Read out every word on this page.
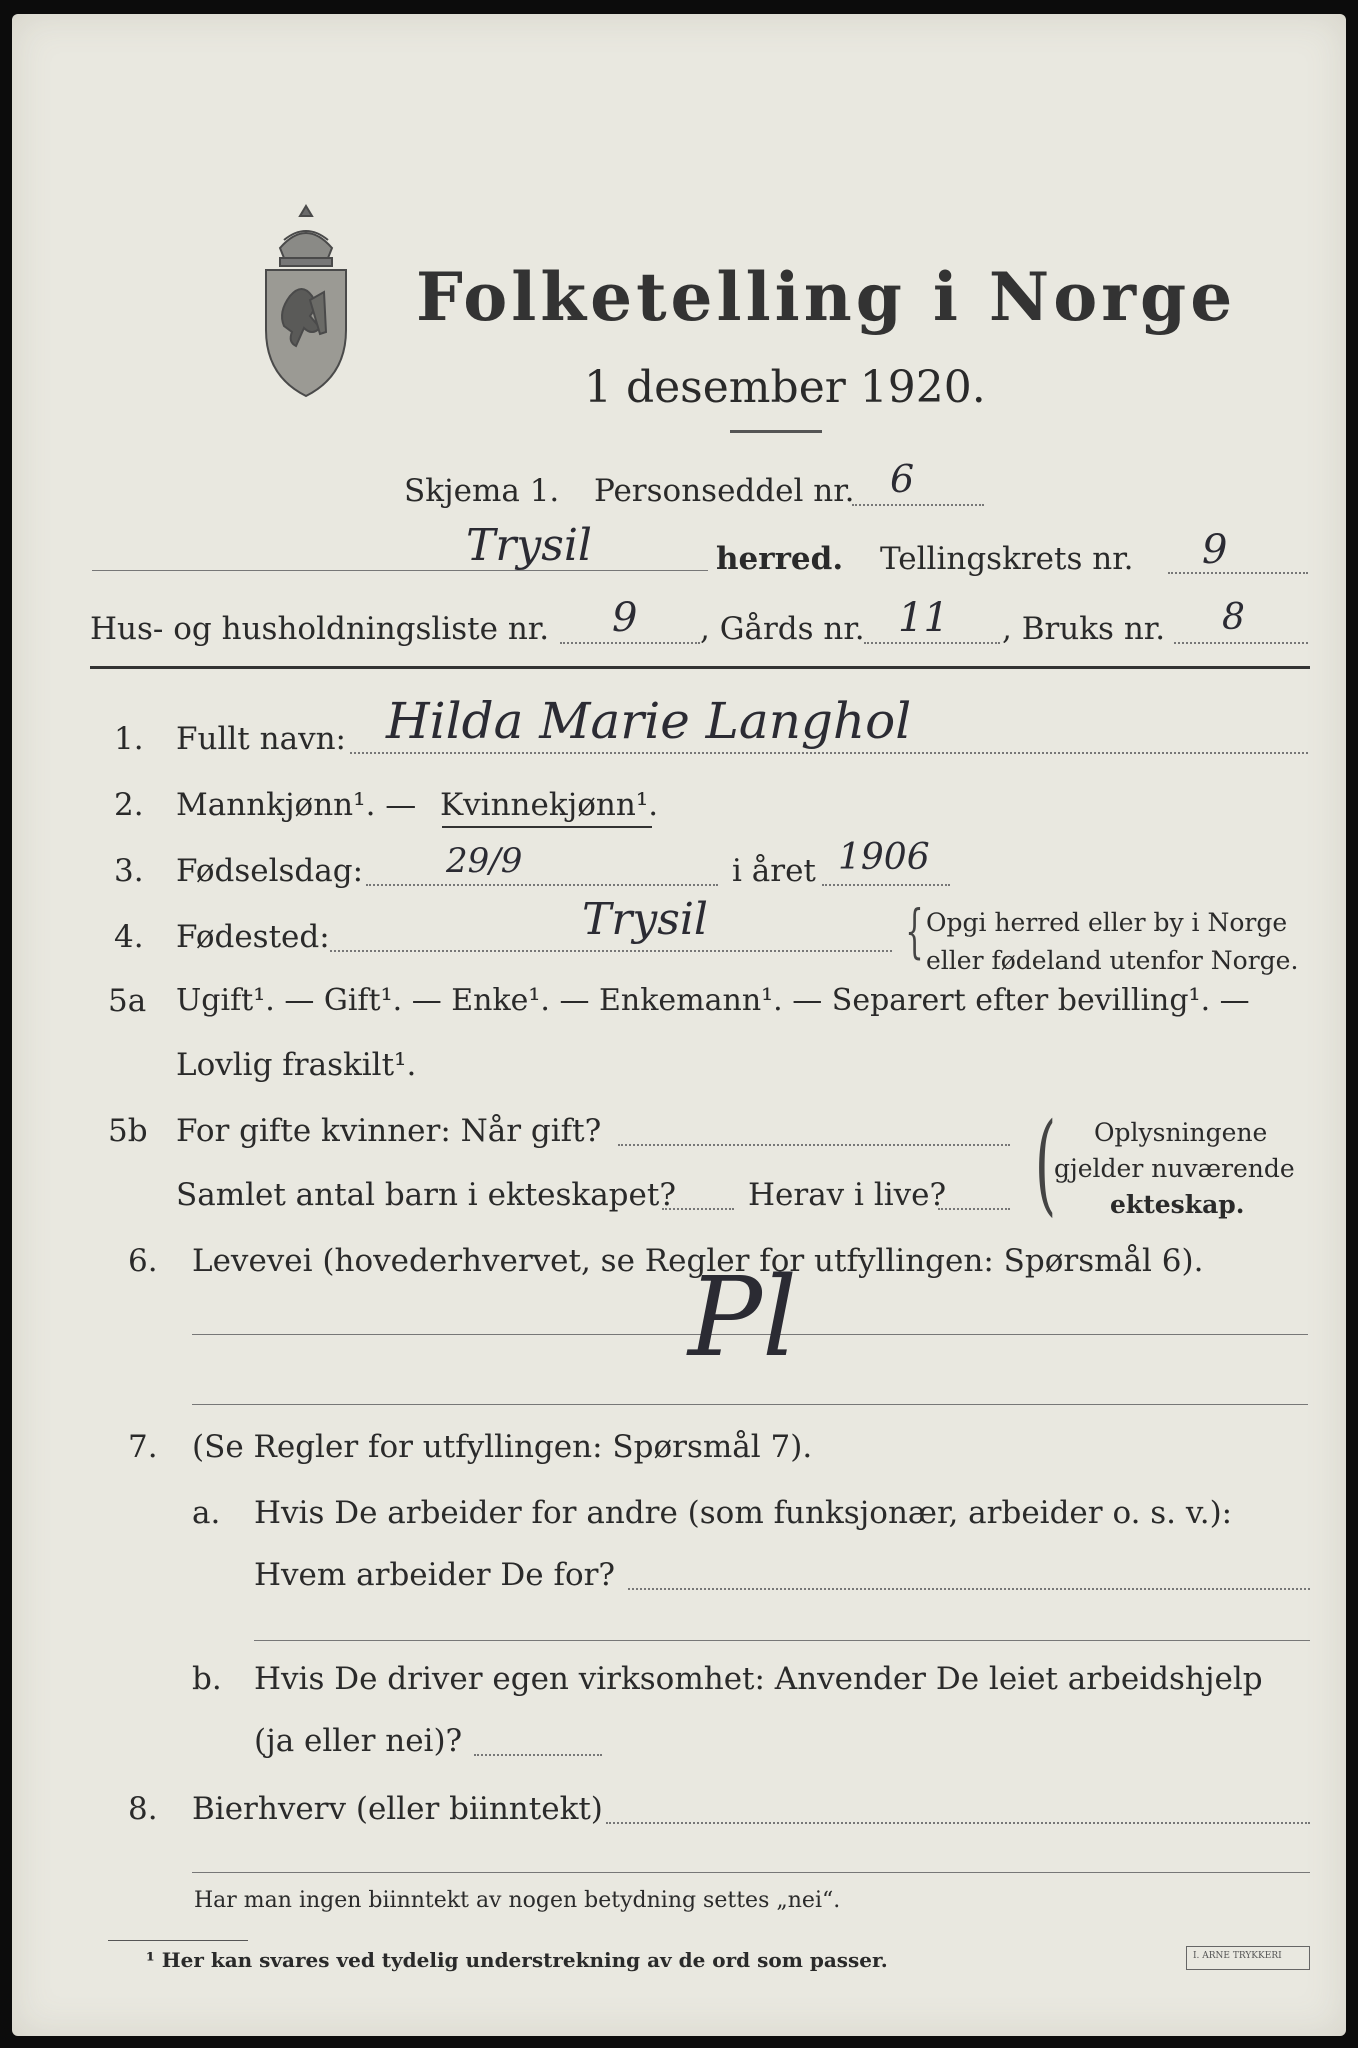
Folketelling i Norge
1 desember 1920.
Skjema 1. Personseddel nr. 6
Trysil	herred. Tellingskrets nr. 9
Hus- og husholdningsliste nr. 9 , Gårds nr. 11 , Bruks nr. 8
1. Fullt navn: Hilda Marie Langhol
2. Mannkjønn¹. — Kvinnekjønn¹.
3. Fødselsdag: 29/9	i året 1906
4. Fødested:	Trysil	{ Opgi herred eller by i Norge
eller fødeland utenfor Norge.
5a Ugift¹. — Gift¹. — Enke¹. — Enkemann¹. — Separert efter bevilling¹. —
Lovlig fraskilt¹.
5b For gifte kvinner: Når gift?
Samlet antal barn i ekteskapet? Herav i live? ( Oplysningene
gjelder nuværende
ekteskap.
6. Levevei (hovederhvervet, se Regler for utfyllingen: Spørsmål 6).
Pl
7. (Se Regler for utfyllingen: Spørsmål 7).
a. Hvis De arbeider for andre (som funksjonær, arbeider o. s. v.):
Hvem arbeider De for?
b. Hvis De driver egen virksomhet: Anvender De leiet arbeidshjelp
(ja eller nei)?
8. Bierhverv (eller biinntekt)
Har man ingen biinntekt av nogen betydning settes „nei“.
¹ Her kan svares ved tydelig understrekning av de ord som passer.	I. ARNE TRYKKERI
